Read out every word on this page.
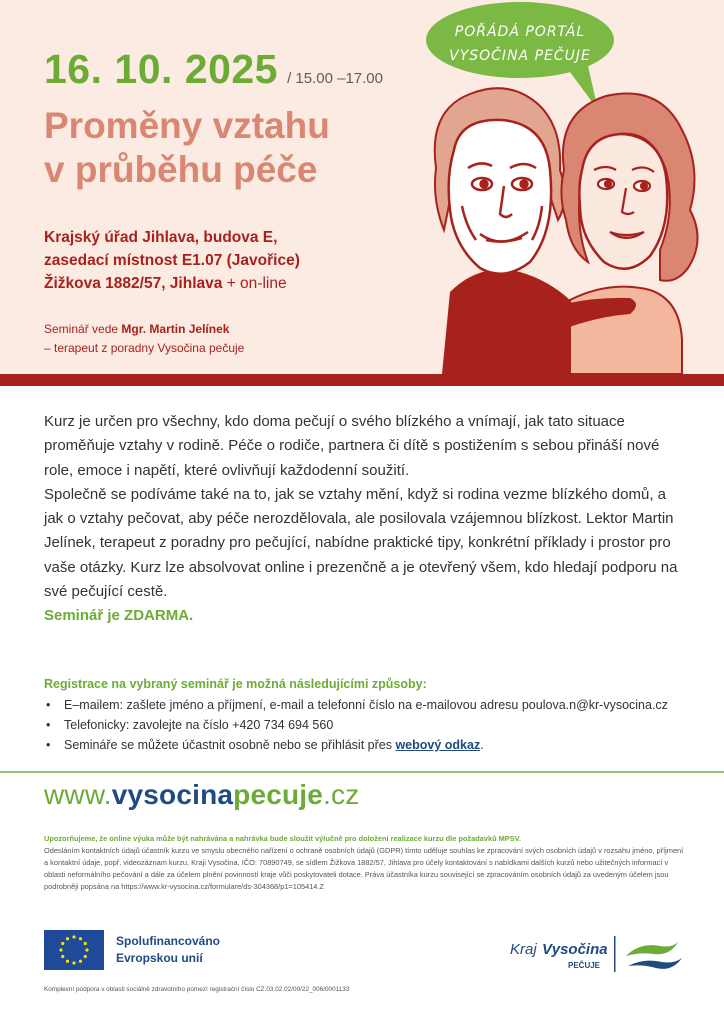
16. 10. 2025 / 15.00 –17.00
Proměny vztahu
v průběhu péče
Krajský úřad Jihlava, budova E,
zasedací místnost E1.07 (Javořice)
Žižkova 1882/57, Jihlava + on-line
Seminář vede Mgr. Martin Jelínek
– terapeut z poradny Vysočina pečuje
POŘÁDÁ PORTÁL
VYSOČINA PEČUJE

Kurz je určen pro všechny, kdo doma pečují o svého blízkého a vnímají, jak tato situace proměňuje vztahy v rodině. Péče o rodiče, partnera či dítě s postižením s sebou přináší nové role, emoce i napětí, které ovlivňují každodenní soužití.

Společně se podíváme také na to, jak se vztahy mění, když si rodina vezme blízkého domů, a jak o vztahy pečovat, aby péče nerozdělovala, ale posilovala vzájemnou blízkost. Lektor Martin Jelínek, terapeut z poradny pro pečující, nabídne praktické tipy, konkrétní příklady i prostor pro vaše otázky. Kurz lze absolvovat online i prezenčně a je otevřený všem, kdo hledají podporu na své pečující cestě.

Seminář je ZDARMA.

Registrace na vybraný seminář je možná následujícími způsoby:
• E–mailem: zašlete jméno a příjmení, e-mail a telefonní číslo na e-mailovou adresu poulova.n@kr-vysocina.cz
• Telefonicky: zavolejte na číslo +420 734 694 560
• Semináře se můžete účastnit osobně nebo se přihlásit přes webový odkaz.
www.vysocinapecuje.cz
Upozorňujeme, že online výuka může být nahrávána a nahrávka bude sloužit výlučně pro doložení realizace kurzu dle požadavků MPSV.
Odesláním kontaktních údajů účastník kurzu ve smyslu obecného nařízení o ochraně osobních údajů (GDPR) tímto uděluje souhlas ke zpracování svých osobních údajů v rozsahu jméno, příjmení a kontaktní údaje, popř. videozáznam kurzu, Kraji Vysočina, IČO: 70890749, se sídlem Žižkova 1882/57, Jihlava pro účely kontaktování s nabídkami dalších kurzů nebo užitečných informací v oblasti neformálního pečování a dále za účelem plnění povinností kraje vůči poskytovateli dotace. Práva účastníka kurzu související se zpracováním osobních údajů za uvedeným účelem jsou podrobněji popsána na https://www.kr-vysocina.cz/formulare/ds-304368/p1=105414.Z
Spolufinancováno
Evropskou unií	Kraj Vysočina
PEČUJE
Komplexní podpora v oblasti sociálně zdravotního pomezí registrační číslo CZ.03.02.02/00/22_006/0001133
